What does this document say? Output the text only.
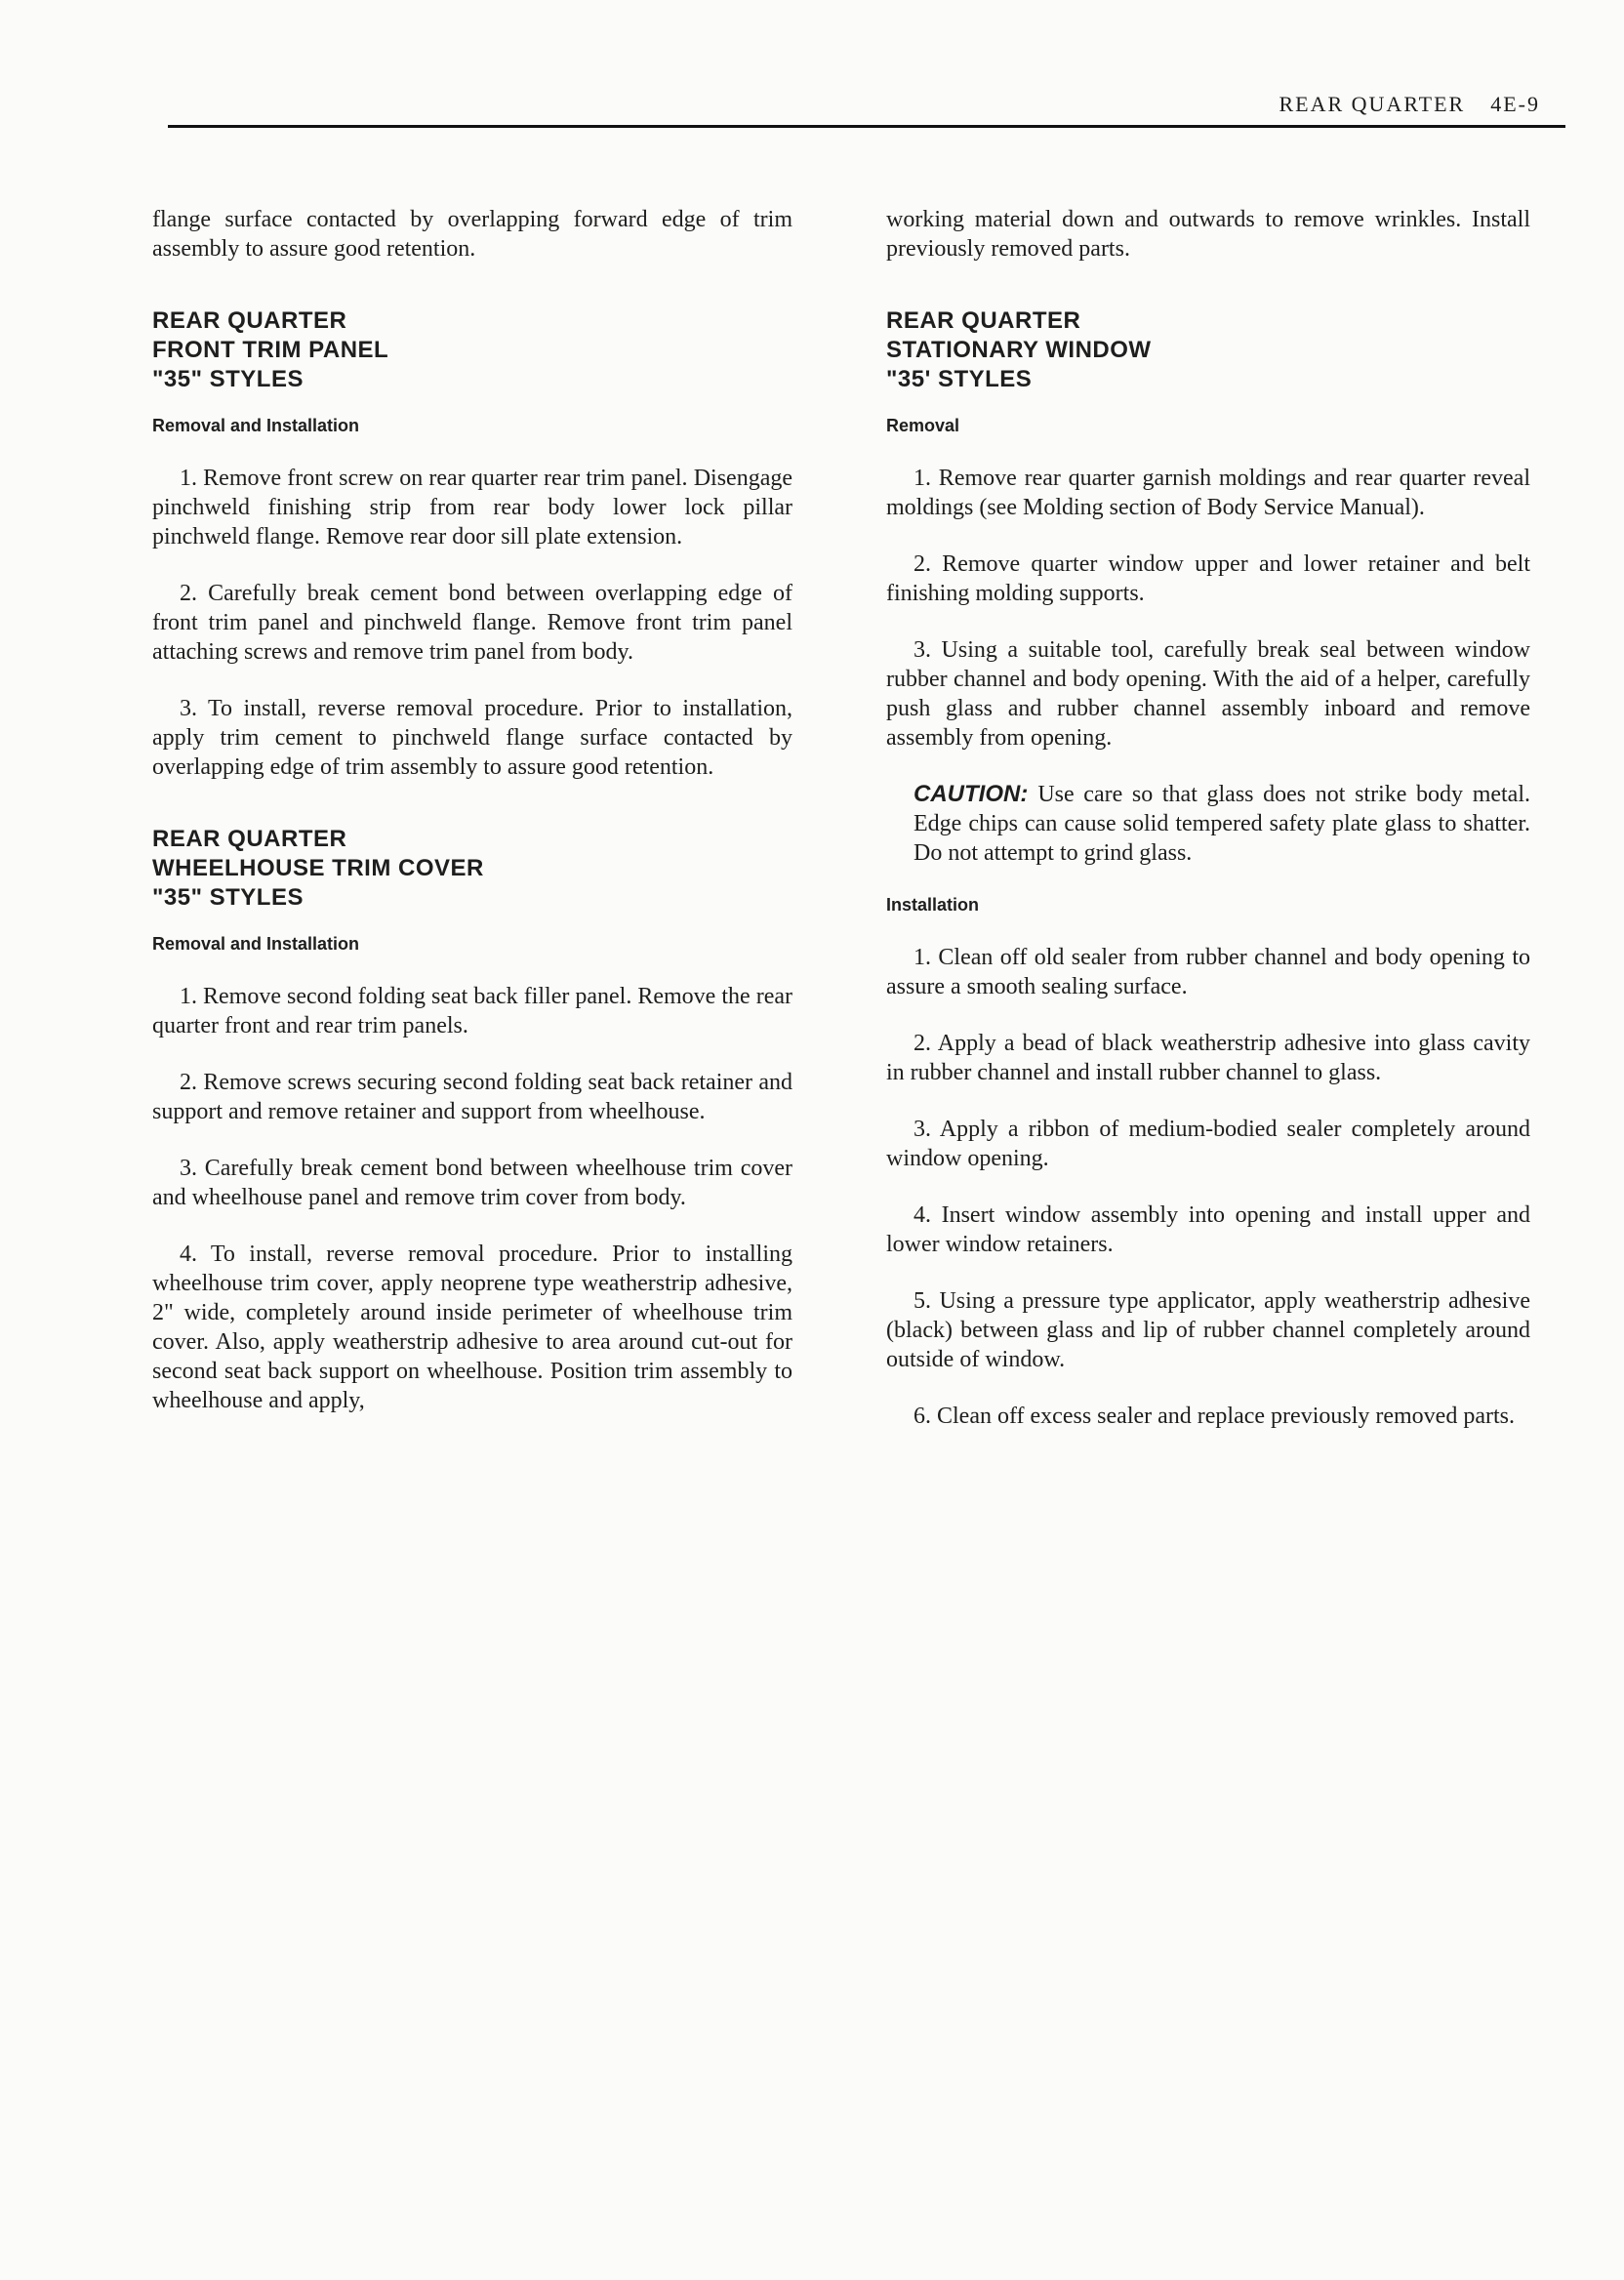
REAR QUARTER 4E-9

flange surface contacted by overlapping forward edge of trim assembly to assure good retention.

REAR QUARTER
FRONT TRIM PANEL
"35" STYLES
Removal and Installation

1. Remove front screw on rear quarter rear trim panel. Disengage pinchweld finishing strip from rear body lower lock pillar pinchweld flange. Remove rear door sill plate extension.

2. Carefully break cement bond between overlapping edge of front trim panel and pinchweld flange. Remove front trim panel attaching screws and remove trim panel from body.

3. To install, reverse removal procedure. Prior to installation, apply trim cement to pinchweld flange surface contacted by overlapping edge of trim assembly to assure good retention.

REAR QUARTER
WHEELHOUSE TRIM COVER
"35" STYLES
Removal and Installation

1. Remove second folding seat back filler panel. Remove the rear quarter front and rear trim panels.

2. Remove screws securing second folding seat back retainer and support and remove retainer and support from wheelhouse.

3. Carefully break cement bond between wheelhouse trim cover and wheelhouse panel and remove trim cover from body.

4. To install, reverse removal procedure. Prior to installing wheelhouse trim cover, apply neoprene type weatherstrip adhesive, 2" wide, completely around inside perimeter of wheelhouse trim cover. Also, apply weatherstrip adhesive to area around cut-out for second seat back support on wheelhouse. Position trim assembly to wheelhouse and apply,

working material down and outwards to remove wrinkles. Install previously removed parts.

REAR QUARTER
STATIONARY WINDOW
"35' STYLES
Removal

1. Remove rear quarter garnish moldings and rear quarter reveal moldings (see Molding section of Body Service Manual).

2. Remove quarter window upper and lower retainer and belt finishing molding supports.

3. Using a suitable tool, carefully break seal between window rubber channel and body opening. With the aid of a helper, carefully push glass and rubber channel assembly inboard and remove assembly from opening.

CAUTION: Use care so that glass does not strike body metal. Edge chips can cause solid tempered safety plate glass to shatter. Do not attempt to grind glass.

Installation

1. Clean off old sealer from rubber channel and body opening to assure a smooth sealing surface.

2. Apply a bead of black weatherstrip adhesive into glass cavity in rubber channel and install rubber channel to glass.

3. Apply a ribbon of medium-bodied sealer completely around window opening.

4. Insert window assembly into opening and install upper and lower window retainers.

5. Using a pressure type applicator, apply weatherstrip adhesive (black) between glass and lip of rubber channel completely around outside of window.

6. Clean off excess sealer and replace previously removed parts.
